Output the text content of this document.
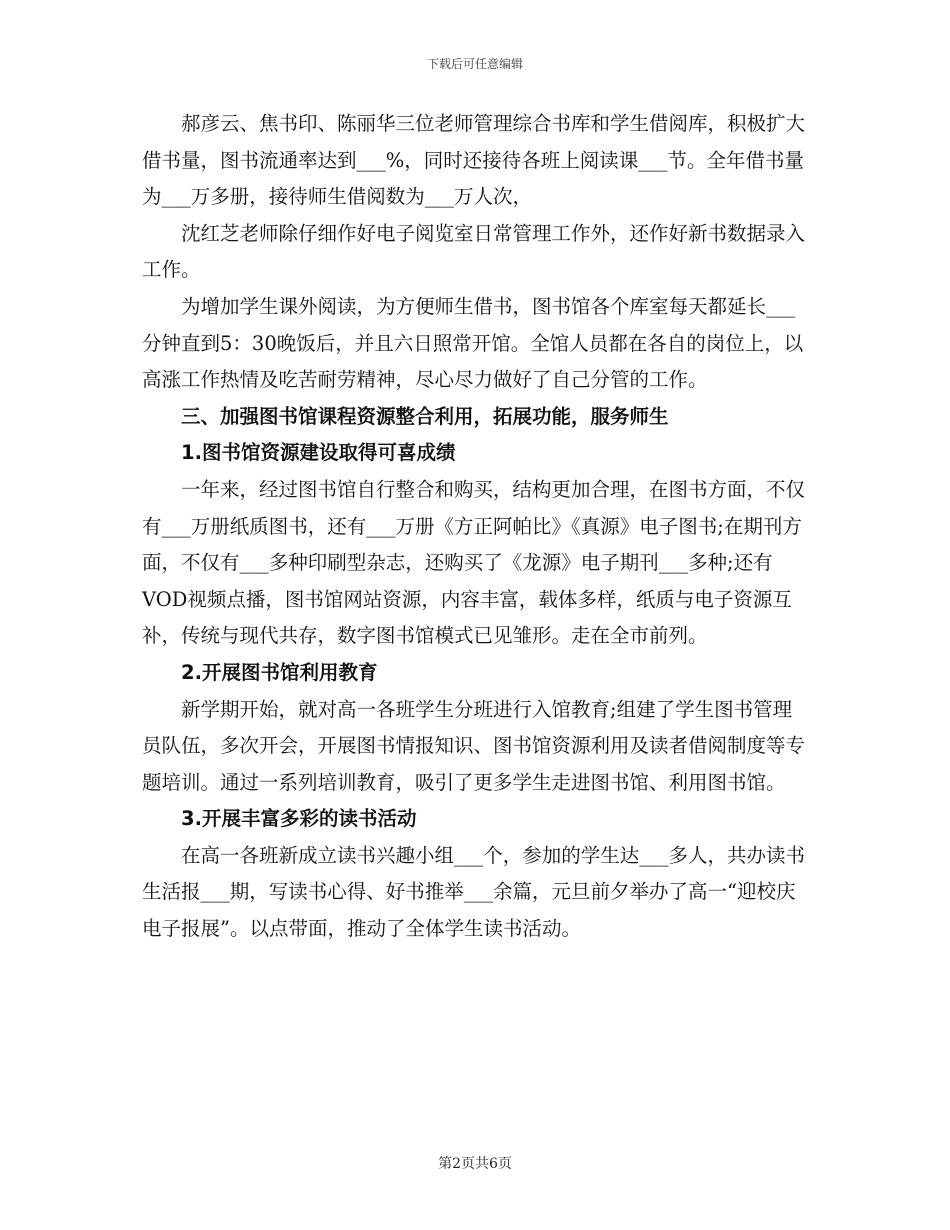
下载后可任意编辑

郝彦云、焦书印、陈丽华三位老师管理综合书库和学生借阅库，积极扩大借书量，图书流通率达到___%，同时还接待各班上阅读课___节。全年借书量为___万多册，接待师生借阅数为___万人次，

沈红芝老师除仔细作好电子阅览室日常管理工作外，还作好新书数据录入工作。

为增加学生课外阅读，为方便师生借书，图书馆各个库室每天都延长___分钟直到5：30晚饭后，并且六日照常开馆。全馆人员都在各自的岗位上，以高涨工作热情及吃苦耐劳精神，尽心尽力做好了自己分管的工作。

三、加强图书馆课程资源整合利用，拓展功能，服务师生

1.图书馆资源建设取得可喜成绩

一年来，经过图书馆自行整合和购买，结构更加合理，在图书方面，不仅有___万册纸质图书，还有___万册《方正阿帕比》《真源》电子图书;在期刊方面，不仅有___多种印刷型杂志，还购买了《龙源》电子期刊___多种;还有VOD视频点播，图书馆网站资源，内容丰富，载体多样，纸质与电子资源互补，传统与现代共存，数字图书馆模式已见雏形。走在全市前列。

2.开展图书馆利用教育

新学期开始，就对高一各班学生分班进行入馆教育;组建了学生图书管理员队伍，多次开会，开展图书情报知识、图书馆资源利用及读者借阅制度等专题培训。通过一系列培训教育，吸引了更多学生走进图书馆、利用图书馆。

3.开展丰富多彩的读书活动

在高一各班新成立读书兴趣小组___个，参加的学生达___多人，共办读书生活报___期，写读书心得、好书推举___余篇，元旦前夕举办了高一“迎校庆电子报展”。以点带面，推动了全体学生读书活动。

第2页共6页
